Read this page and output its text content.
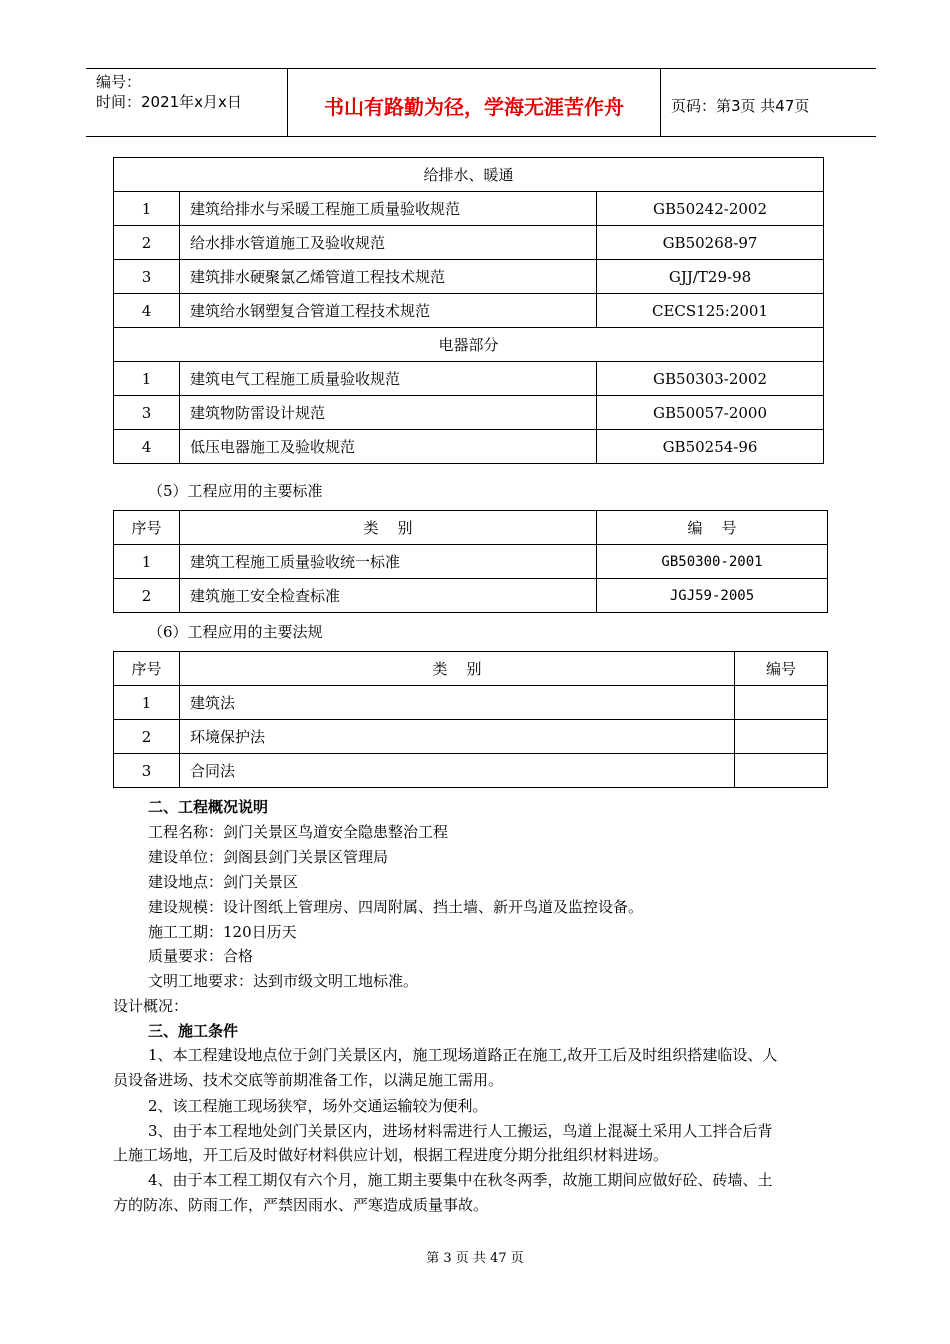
编号：
时间：2021年x月x日	书山有路勤为径，学海无涯苦作舟	页码：第3页 共47页
给排水、暖通		
1	建筑给排水与采暖工程施工质量验收规范	GB50242-2002
2	给水排水管道施工及验收规范	GB50268-97
3	建筑排水硬聚氯乙烯管道工程技术规范	GJJ/T29-98
4	建筑给水钢塑复合管道工程技术规范	CECS125:2001
电器部分		
1	建筑电气工程施工质量验收规范	GB50303-2002
3	建筑物防雷设计规范	GB50057-2000
4	低压电器施工及验收规范	GB50254-96
（5）工程应用的主要标准
序号	类    别	编    号
1	建筑工程施工质量验收统一标准	GB50300-2001
2	建筑施工安全检查标准	JGJ59-2005
（6）工程应用的主要法规
序号	类    别	编号
1	建筑法	
2	环境保护法	
3	合同法	
二、工程概况说明
工程名称：剑门关景区鸟道安全隐患整治工程
建设单位：剑阁县剑门关景区管理局
建设地点：剑门关景区
建设规模：设计图纸上管理房、四周附属、挡土墙、新开鸟道及监控设备。
施工工期：120日历天
质量要求：合格
文明工地要求：达到市级文明工地标准。
设计概况：
三、施工条件
1、本工程建设地点位于剑门关景区内，施工现场道路正在施工,故开工后及时组织搭建临设、人
员设备进场、技术交底等前期准备工作，以满足施工需用。
2、该工程施工现场狭窄，场外交通运输较为便利。
3、由于本工程地处剑门关景区内，进场材料需进行人工搬运，鸟道上混凝土采用人工拌合后背
上施工场地，开工后及时做好材料供应计划，根据工程进度分期分批组织材料进场。
4、由于本工程工期仅有六个月，施工期主要集中在秋冬两季，故施工期间应做好砼、砖墙、土
方的防冻、防雨工作，严禁因雨水、严寒造成质量事故。
第 3 页 共 47 页
